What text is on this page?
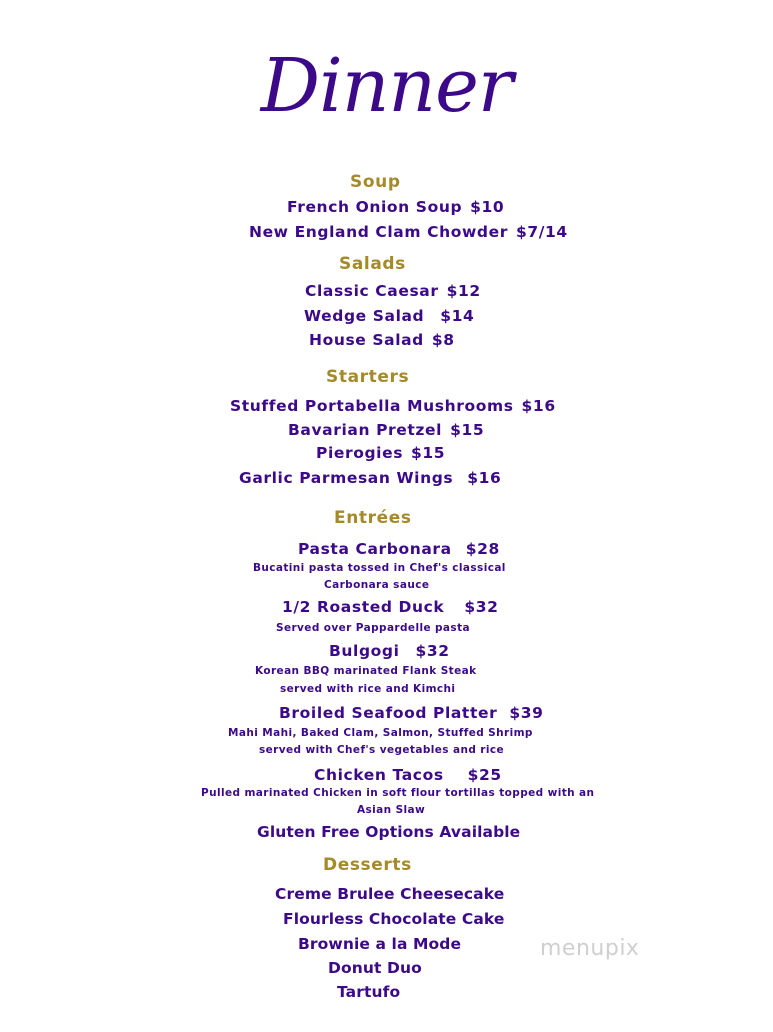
Dinner
Soup
French Onion Soup $10
New England Clam Chowder $7/14
Salads
Classic Caesar $12
Wedge Salad $14
House Salad $8
Starters
Stuffed Portabella Mushrooms $16
Bavarian Pretzel $15
Pierogies $15
Garlic Parmesan Wings $16
Entrées
Pasta Carbonara $28
Bucatini pasta tossed in Chef's classical
Carbonara sauce
1/2 Roasted Duck $32
Served over Pappardelle pasta
Bulgogi $32
Korean BBQ marinated Flank Steak
served with rice and Kimchi
Broiled Seafood Platter $39
Mahi Mahi, Baked Clam, Salmon, Stuffed Shrimp
served with Chef's vegetables and rice
Chicken Tacos $25
Pulled marinated Chicken in soft flour tortillas topped with an
Asian Slaw
Gluten Free Options Available
Desserts
Creme Brulee Cheesecake
Flourless Chocolate Cake
Brownie a la Mode
Donut Duo
Tartufo
menupix
